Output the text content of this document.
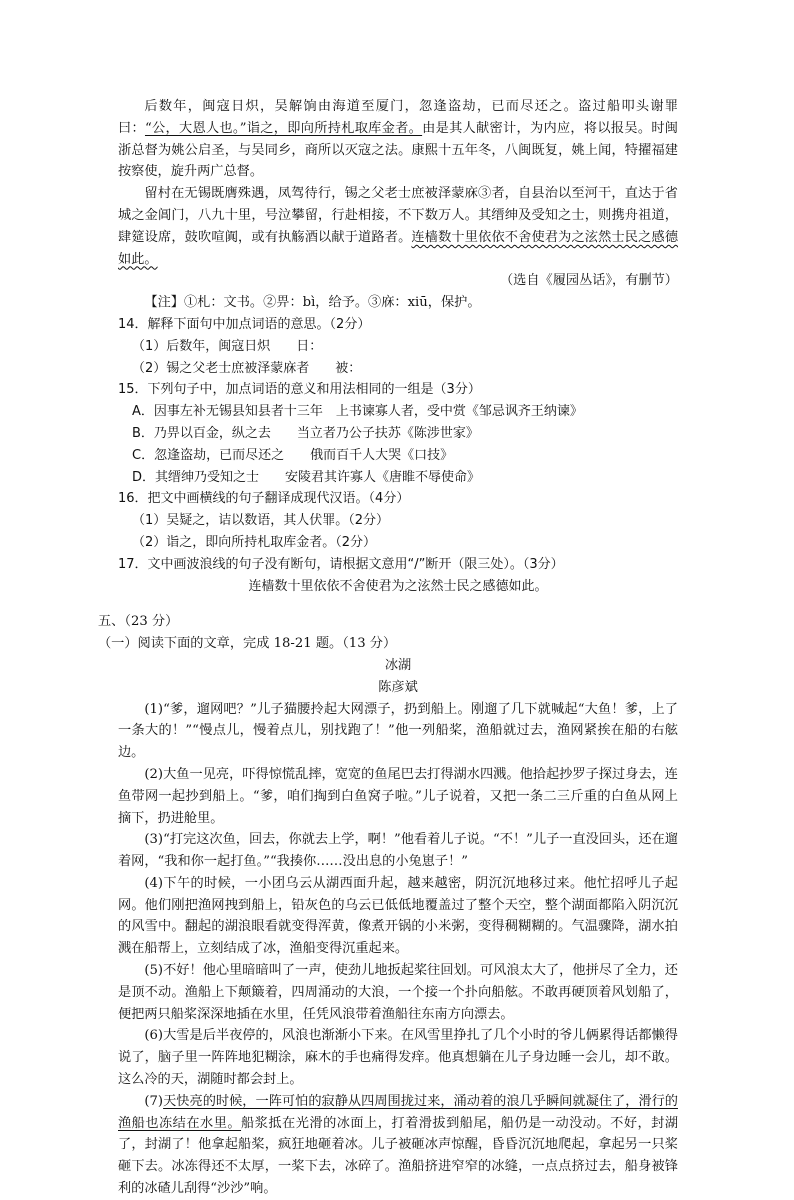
后数年，闽寇日炽，吴解饷由海道至厦门，忽逢盗劫，已而尽还之。盗过船叩头谢罪曰：“公，大恩人也。”诣之，即向所持札取库金者。由是其人献密计，为内应，将以报吴。时闽浙总督为姚公启圣，与吴同乡，商所以灭寇之法。康熙十五年冬，八闽既复，姚上闻，特擢福建按察使，旋升两广总督。

留村在无锡既膺殊遇，凤驾待行，锡之父老士庶被泽蒙庥③者，自县治以至河干，直达于省城之金阊门，八九十里，号泣攀留，行赴相接，不下数万人。其缙绅及受知之士，则携舟祖道，肆筵设席，鼓吹喧阗，或有执觞酒以献于道路者。连樯数十里依依不舍使君为之泫然士民之感德如此。

（选自《履园丛话》，有删节）

【注】①札：文书。②畀：bì，给予。③庥：xiū，保护。

14．解释下面句中加点词语的意思。（2分）

（1）后数年，闽寇日炽　　日：

（2）锡之父老士庶被泽蒙庥者　　被：

15．下列句子中，加点词语的意义和用法相同的一组是（3分）

A．因事左补无锡县知县者十三年　上书谏寡人者，受中赏《邹忌讽齐王纳谏》

B．乃畀以百金，纵之去　　当立者乃公子扶苏《陈涉世家》

C．忽逢盗劫，已而尽还之　　俄而百千人大哭《口技》

D．其缙绅乃受知之士　　安陵君其许寡人《唐睢不辱使命》

16．把文中画横线的句子翻译成现代汉语。（4分）

（1）吴疑之，诘以数语，其人伏罪。（2分）

（2）诣之，即向所持札取库金者。（2分）

17．文中画波浪线的句子没有断句，请根据文意用“/”断开（限三处）。（3分）

连樯数十里依依不舍使君为之泫然士民之感德如此。

五、（23 分）

（一）阅读下面的文章，完成 18-21 题。（13 分）

冰湖

陈彦斌

(1)“爹，遛网吧？”儿子猫腰拎起大网漂子，扔到船上。刚遛了几下就喊起“大鱼！爹，上了一条大的！”“慢点儿，慢着点儿，别找跑了！”他一列船桨，渔船就过去，渔网紧挨在船的右舷边。

(2)大鱼一见亮，吓得惊慌乱摔，宽宽的鱼尾巴去打得湖水四溅。他拾起抄罗子探过身去，连鱼带网一起抄到船上。“爹，咱们掏到白鱼窝子啦。”儿子说着，又把一条二三斤重的白鱼从网上摘下，扔进舱里。

(3)“打完这次鱼，回去，你就去上学，啊！”他看着儿子说。“不！”儿子一直没回头，还在遛着网，“我和你一起打鱼。”“我揍你……没出息的小兔崽子！”

(4)下午的时候，一小团乌云从湖西面升起，越来越密，阴沉沉地移过来。他忙招呼儿子起网。他们刚把渔网拽到船上，铅灰色的乌云已低低地覆盖过了整个天空，整个湖面都陷入阴沉沉的风雪中。翻起的湖浪眼看就变得浑黄，像煮开锅的小米粥，变得稠糊糊的。气温骤降，湖水拍溅在船帮上，立刻结成了冰，渔船变得沉重起来。

(5)不好！他心里暗暗叫了一声，使劲儿地扳起桨往回划。可风浪太大了，他拼尽了全力，还是顶不动。渔船上下颠簸着，四周涌动的大浪，一个接一个扑向船舷。不敢再硬顶着风划船了，便把两只船桨深深地插在水里，任凭风浪带着渔船往东南方向漂去。

(6)大雪是后半夜停的，风浪也渐渐小下来。在风雪里挣扎了几个小时的爷儿俩累得话都懒得说了，脑子里一阵阵地犯糊涂，麻木的手也痛得发痒。他真想躺在儿子身边睡一会儿，却不敢。这么冷的天，湖随时都会封上。

(7)天快亮的时候，一阵可怕的寂静从四周围拢过来，涌动着的浪几乎瞬间就凝住了，滑行的渔船也冻结在水里。船浆抵在光滑的冰面上，打着滑拔到船尾，船仍是一动没动。不好，封湖了，封湖了！他拿起船桨，疯狂地砸着冰。儿子被砸冰声惊醒，昏昏沉沉地爬起，拿起另一只桨砸下去。冰冻得还不太厚，一桨下去，冰碎了。渔船挤进窄窄的冰缝，一点点挤过去，船身被锋利的冰碴儿刮得“沙沙”响。
